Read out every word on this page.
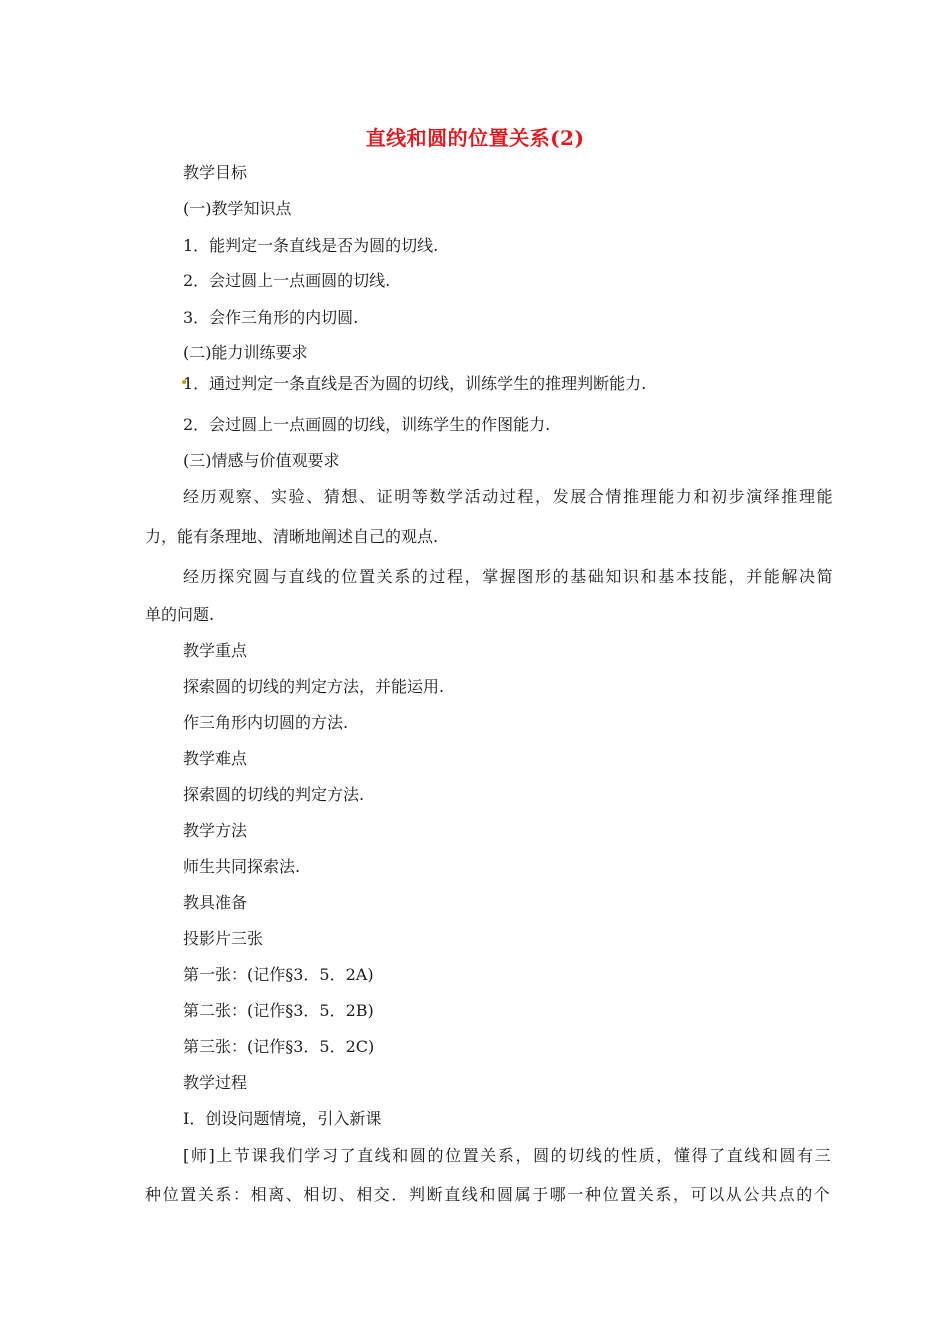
直线和圆的位置关系(2)
教学目标
(一)教学知识点
1．能判定一条直线是否为圆的切线.
2．会过圆上一点画圆的切线.
3．会作三角形的内切圆.
(二)能力训练要求
1．通过判定一条直线是否为圆的切线，训练学生的推理判断能力.
2．会过圆上一点画圆的切线，训练学生的作图能力.
(三)情感与价值观要求
经历观察、实验、猜想、证明等数学活动过程，发展合情推理能力和初步演绎推理能
力，能有条理地、清晰地阐述自己的观点.
经历探究圆与直线的位置关系的过程，掌握图形的基础知识和基本技能，并能解决简
单的问题.
教学重点
探索圆的切线的判定方法，并能运用.
作三角形内切圆的方法.
教学难点
探索圆的切线的判定方法.
教学方法
师生共同探索法.
教具准备
投影片三张
第一张：(记作§3．5．2A)
第二张：(记作§3．5．2B)
第三张：(记作§3．5．2C)
教学过程
Ⅰ．创设问题情境，引入新课
[师]上节课我们学习了直线和圆的位置关系，圆的切线的性质，懂得了直线和圆有三
种位置关系：相离、相切、相交．判断直线和圆属于哪一种位置关系，可以从公共点的个
